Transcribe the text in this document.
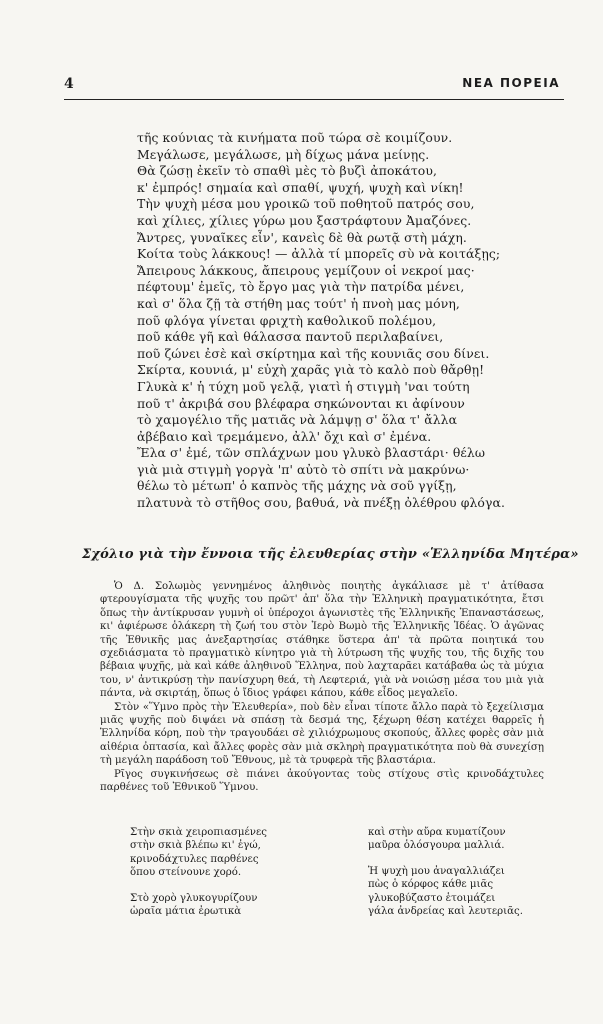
4	ΝΕΑ ΠΟΡΕΙΑ
τῆς κούνιας τὰ κινήματα ποῦ τώρα σὲ κοιμίζουν.
Μεγάλωσε, μεγάλωσε, μὴ δίχως μάνα μείνῃς.
Θὰ ζώσῃ ἐκεῖν τὸ σπαθὶ μὲς τὸ βυζὶ ἀποκάτου,
κ' ἐμπρός! σημαία καὶ σπαθί, ψυχή, ψυχὴ καὶ νίκη!
Τὴν ψυχὴ μέσα μου γροικῶ τοῦ ποθητοῦ πατρός σου,
καὶ χίλιες, χίλιες γύρω μου ξαστράφτουν Ἀμαζόνες.
Ἄντρες, γυναῖκες εἶν', κανεὶς δὲ θὰ ρωτᾷ στὴ μάχη.
Κοίτα τοὺς λάκκους! — ἀλλὰ τί μπορεῖς σὺ νὰ κοιτάξῃς;
Ἄπειρους λάκκους, ἄπειρους γεμίζουν οἱ νεκροί μας·
πέφτουμ' ἐμεῖς, τὸ ἔργο μας γιὰ τὴν πατρίδα μένει,
καὶ σ' ὅλα ζῇ τὰ στήθη μας τούτ' ἡ πνοὴ μας μόνη,
ποῦ φλόγα γίνεται φριχτὴ καθολικοῦ πολέμου,
ποῦ κάθε γῆ καὶ θάλασσα παντοῦ περιλαβαίνει,
ποῦ ζώνει ἐσὲ καὶ σκίρτημα καὶ τῆς κουνιᾶς σου δίνει.
Σκίρτα, κουνιά, μ' εὐχὴ χαρᾶς γιὰ τὸ καλὸ ποὺ θἄρθῃ!
Γλυκὰ κ' ἡ τύχη μοῦ γελᾷ, γιατὶ ἡ στιγμὴ 'ναι τούτη
ποῦ τ' ἀκριβά σου βλέφαρα σηκώνονται κι ἀφίνουν
τὸ χαμογέλιο τῆς ματιᾶς νὰ λάμψῃ σ' ὅλα τ' ἄλλα
ἀβέβαιο καὶ τρεμάμενο, ἀλλ' ὄχι καὶ σ' ἐμένα.
Ἔλα σ' ἐμέ, τῶν σπλάχνων μου γλυκὸ βλαστάρι· θέλω
γιὰ μιὰ στιγμὴ γοργὰ 'π' αὐτὸ τὸ σπίτι νὰ μακρύνω·
θέλω τὸ μέτωπ' ὁ καπνὸς τῆς μάχης νὰ σοῦ γγίξῃ,
πλατυνὰ τὸ στῆθος σου, βαθυά, νὰ πνέξῃ ὀλέθρου φλόγα.
Σχόλιο γιὰ τὴν ἔννοια τῆς ἐλευθερίας στὴν «Ἑλληνίδα Μητέρα»

Ὁ Δ. Σολωμὸς γεννημένος ἀληθινὸς ποιητὴς ἀγκάλιασε μὲ τ' ἀτίθασα φτερουγίσματα τῆς ψυχῆς του πρῶτ' ἀπ' ὅλα τὴν Ἑλληνικὴ πραγματικότητα, ἔτσι ὅπως τὴν ἀντίκρυσαν γυμνὴ οἱ ὑπέροχοι ἀγωνιστὲς τῆς Ἑλληνικῆς Ἐπαναστάσεως, κι' ἀφιέρωσε ὁλάκερη τὴ ζωή του στὸν Ἱερὸ Βωμὸ τῆς Ἑλληνικῆς Ἰδέας. Ὁ ἀγῶνας τῆς Ἐθνικῆς μας ἀνεξαρτησίας στάθηκε ὕστερα ἀπ' τὰ πρῶτα ποιητικά του σχεδιάσματα τὸ πραγματικὸ κίνητρο γιὰ τὴ λύτρωση τῆς ψυχῆς του, τῆς διχῆς του βέβαια ψυχῆς, μὰ καὶ κάθε ἀληθινοῦ Ἕλληνα, ποὺ λαχταρᾶει κατάβαθα ὡς τὰ μύχια του, ν' ἀντικρύσῃ τὴν πανίσχυρη θεά, τὴ Λεφτεριά, γιὰ νὰ νοιώσῃ μέσα του μιὰ γιὰ πάντα, νὰ σκιρτάῃ, ὅπως ὁ ἴδιος γράφει κάπου, κάθε εἶδος μεγαλεῖο.

Στὸν «Ὕμνο πρὸς τὴν Ἐλευθερία», ποὺ δὲν εἶναι τίποτε ἄλλο παρὰ τὸ ξεχείλισμα μιᾶς ψυχῆς ποὺ διψάει νὰ σπάσῃ τὰ δεσμά της, ξέχωρη θέση κατέχει θαρρεῖς ἡ Ἑλληνίδα κόρη, ποὺ τὴν τραγουδάει σὲ χιλιόχρωμους σκοπούς, ἄλλες φορὲς σὰν μιὰ αἰθέρια ὀπτασία, καὶ ἄλλες φορὲς σὰν μιὰ σκληρὴ πραγματικότητα ποὺ θὰ συνεχίσῃ τὴ μεγάλη παράδοση τοῦ Ἔθνους, μὲ τὰ τρυφερὰ τῆς βλαστάρια.

Ρῖγος συγκινήσεως σὲ πιάνει ἀκούγοντας τοὺς στίχους στὶς κρινοδάχτυλες παρθένες τοῦ Ἐθνικοῦ Ὕμνου.

Στὴν σκιὰ χειροπιασμένες
στὴν σκιὰ βλέπω κι' ἐγώ,
κρινοδάχτυλες παρθένες
ὅπου στείνουνε χορό.
Στὸ χορὸ γλυκογυρίζουν
ὡραῖα μάτια ἐρωτικὰ
καὶ στὴν αὔρα κυματίζουν
μαῦρα ὁλόσγουρα μαλλιά.
Ἡ ψυχὴ μου ἀναγαλλιάζει
πὼς ὁ κόρφος κάθε μιᾶς
γλυκοβύζαστο ἑτοιμάζει
γάλα ἀνδρείας καὶ λευτεριᾶς.
